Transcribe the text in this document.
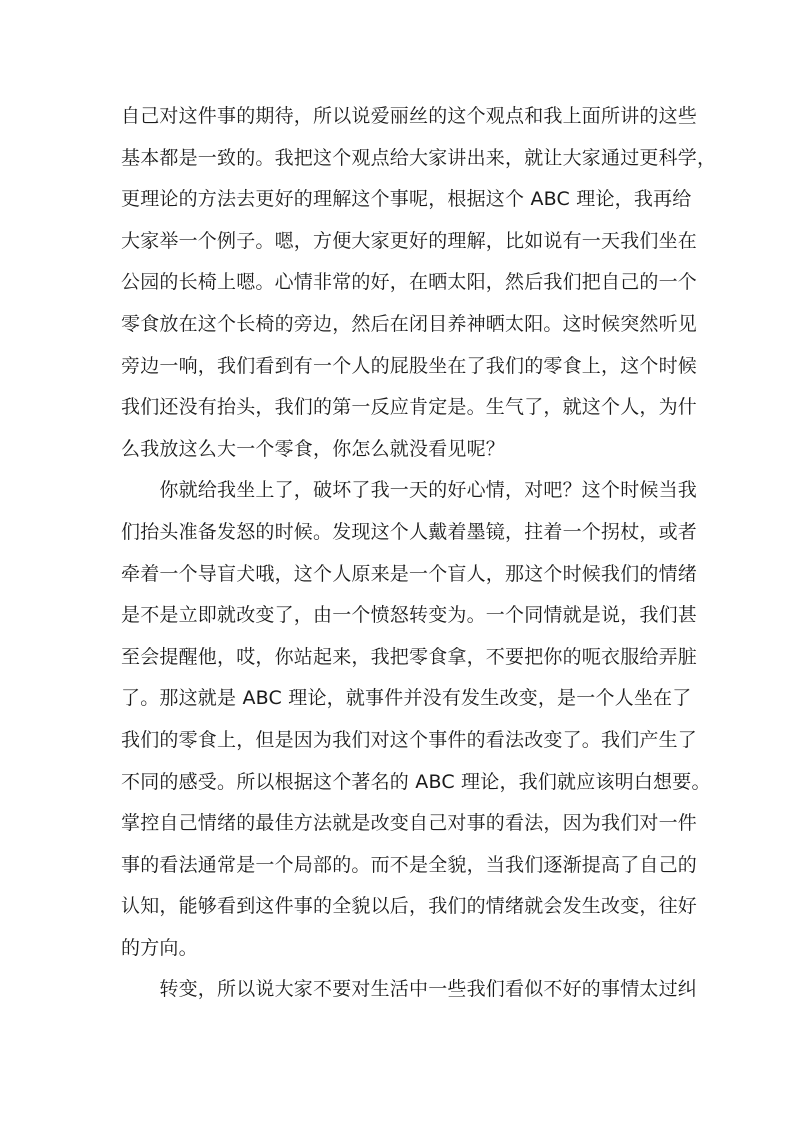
自己对这件事的期待，所以说爱丽丝的这个观点和我上面所讲的这些
基本都是一致的。我把这个观点给大家讲出来，就让大家通过更科学，
更理论的方法去更好的理解这个事呢，根据这个 ABC 理论，我再给
大家举一个例子。嗯，方便大家更好的理解，比如说有一天我们坐在
公园的长椅上嗯。心情非常的好，在晒太阳，然后我们把自己的一个
零食放在这个长椅的旁边，然后在闭目养神晒太阳。这时候突然听见
旁边一响，我们看到有一个人的屁股坐在了我们的零食上，这个时候
我们还没有抬头，我们的第一反应肯定是。生气了，就这个人，为什
么我放这么大一个零食，你怎么就没看见呢？
　　你就给我坐上了，破坏了我一天的好心情，对吧？这个时候当我
们抬头准备发怒的时候。发现这个人戴着墨镜，拄着一个拐杖，或者
牵着一个导盲犬哦，这个人原来是一个盲人，那这个时候我们的情绪
是不是立即就改变了，由一个愤怒转变为。一个同情就是说，我们甚
至会提醒他，哎，你站起来，我把零食拿，不要把你的呃衣服给弄脏
了。那这就是 ABC 理论，就事件并没有发生改变，是一个人坐在了
我们的零食上，但是因为我们对这个事件的看法改变了。我们产生了
不同的感受。所以根据这个著名的 ABC 理论，我们就应该明白想要。
掌控自己情绪的最佳方法就是改变自己对事的看法，因为我们对一件
事的看法通常是一个局部的。而不是全貌，当我们逐渐提高了自己的
认知，能够看到这件事的全貌以后，我们的情绪就会发生改变，往好
的方向。
　　转变，所以说大家不要对生活中一些我们看似不好的事情太过纠
